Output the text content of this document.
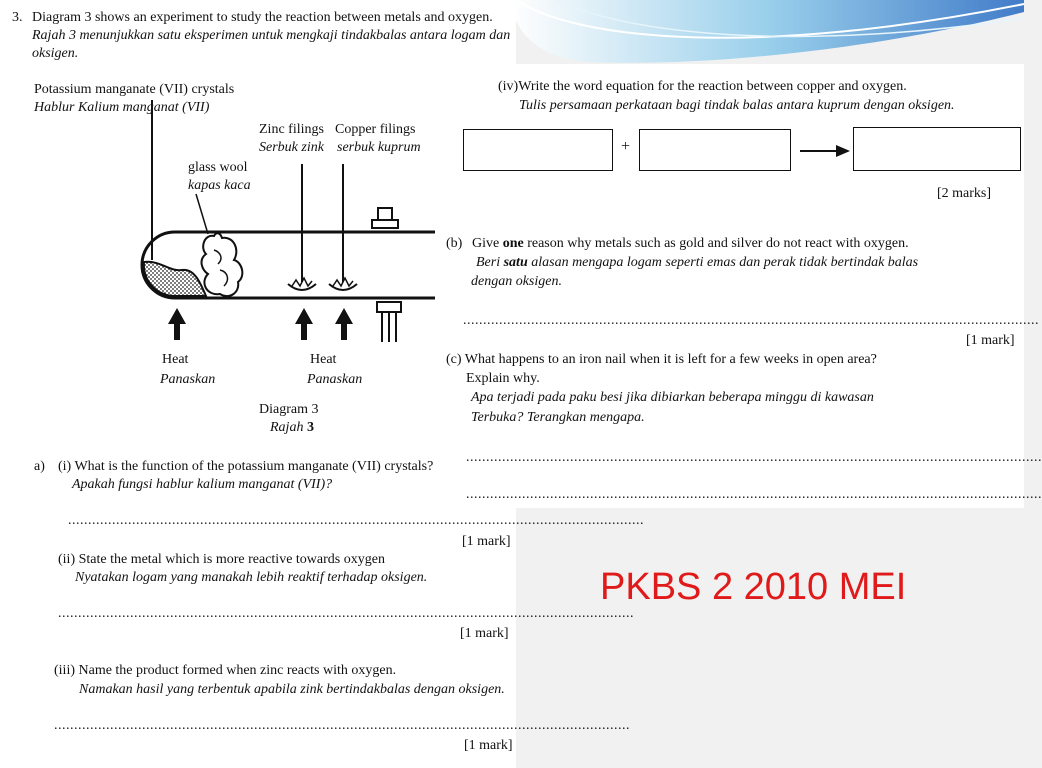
3. Diagram 3 shows an experiment to study the reaction between metals and oxygen.
Rajah 3 menunjukkan satu eksperimen untuk mengkaji tindakbalas antara logam dan
oksigen.
Potassium manganate (VII) crystals
Hablur Kalium manganat (VII)
Zinc filings
Serbuk zink
Copper filings
serbuk kuprum
glass wool
kapas kaca
Heat
Panaskan
Heat
Panaskan
Diagram 3
Rajah 3
a) (i) What is the function of the potassium manganate (VII) crystals?
Apakah fungsi hablur kalium manganat (VII)?
................................................................................................................................................
[1 mark]
(ii) State the metal which is more reactive towards oxygen
Nyatakan logam yang manakah lebih reaktif terhadap oksigen.
................................................................................................................................................
[1 mark]
(iii) Name the product formed when zinc reacts with oxygen.
Namakan hasil yang terbentuk apabila zink bertindakbalas dengan oksigen.
................................................................................................................................................
[1 mark]
(iv)Write the word equation for the reaction between copper and oxygen.
Tulis persamaan perkataan bagi tindak balas antara kuprum dengan oksigen.
+
[2 marks]
(b) Give one reason why metals such as gold and silver do not react with oxygen.
Beri satu alasan mengapa logam seperti emas dan perak tidak bertindak balas
dengan oksigen.
................................................................................................................................................
[1 mark]
(c) What happens to an iron nail when it is left for a few weeks in open area?
Explain why.
Apa terjadi pada paku besi jika dibiarkan beberapa minggu di kawasan
Terbuka? Terangkan mengapa.
................................................................................................................................................
................................................................................................................................................
PKBS 2 2010 MEI
